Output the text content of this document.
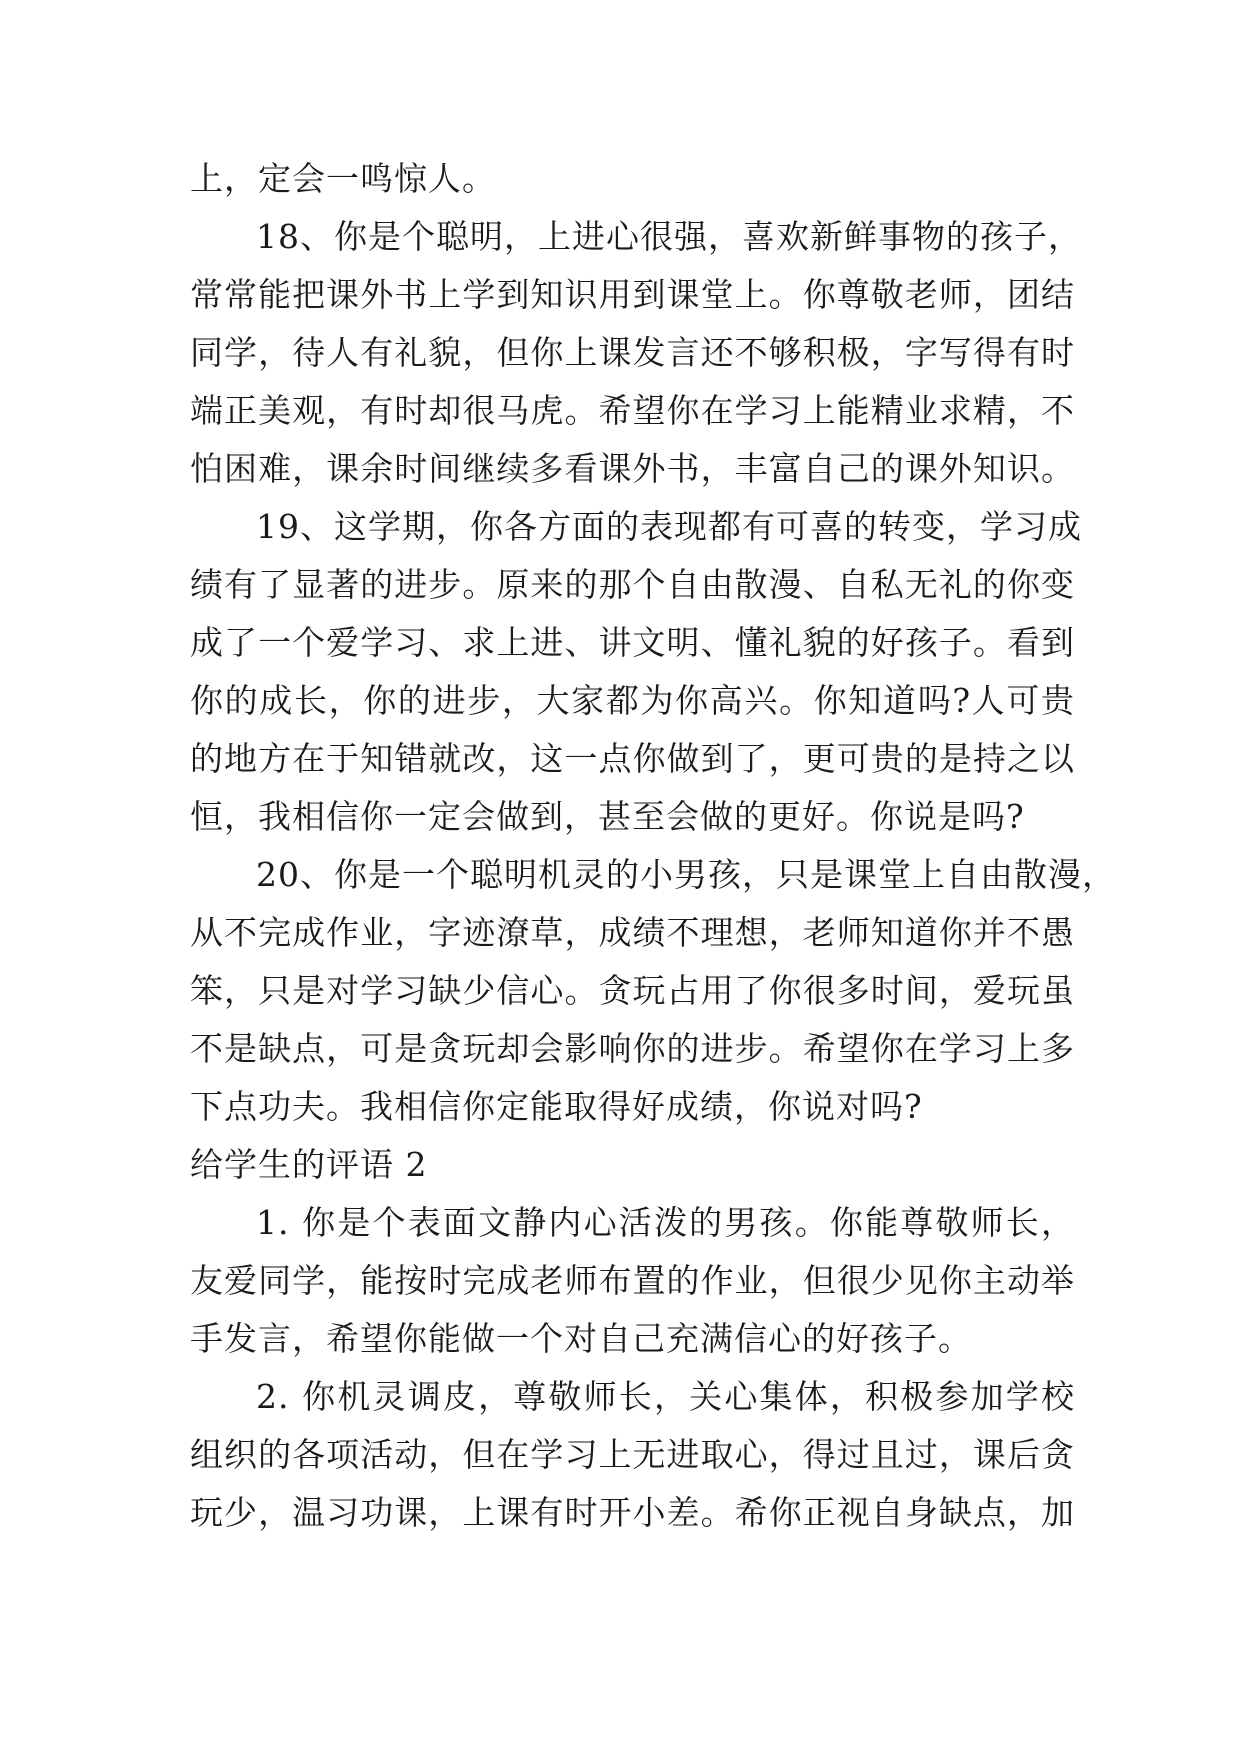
上，定会一鸣惊人。
18、你是个聪明，上进心很强，喜欢新鲜事物的孩子，
常常能把课外书上学到知识用到课堂上。你尊敬老师，团结
同学，待人有礼貌，但你上课发言还不够积极，字写得有时
端正美观，有时却很马虎。希望你在学习上能精业求精，不
怕困难，课余时间继续多看课外书，丰富自己的课外知识。
19、这学期，你各方面的表现都有可喜的转变，学习成
绩有了显著的进步。原来的那个自由散漫、自私无礼的你变
成了一个爱学习、求上进、讲文明、懂礼貌的好孩子。看到
你的成长，你的进步，大家都为你高兴。你知道吗?人可贵
的地方在于知错就改，这一点你做到了，更可贵的是持之以
恒，我相信你一定会做到，甚至会做的更好。你说是吗?
20、你是一个聪明机灵的小男孩，只是课堂上自由散漫，
从不完成作业，字迹潦草，成绩不理想，老师知道你并不愚
笨，只是对学习缺少信心。贪玩占用了你很多时间，爱玩虽
不是缺点，可是贪玩却会影响你的进步。希望你在学习上多
下点功夫。我相信你定能取得好成绩，你说对吗?
给学生的评语 2
1. 你是个表面文静内心活泼的男孩。你能尊敬师长，
友爱同学，能按时完成老师布置的作业，但很少见你主动举
手发言，希望你能做一个对自己充满信心的好孩子。
2. 你机灵调皮，尊敬师长，关心集体，积极参加学校
组织的各项活动，但在学习上无进取心，得过且过，课后贪
玩少，温习功课，上课有时开小差。希你正视自身缺点，加
